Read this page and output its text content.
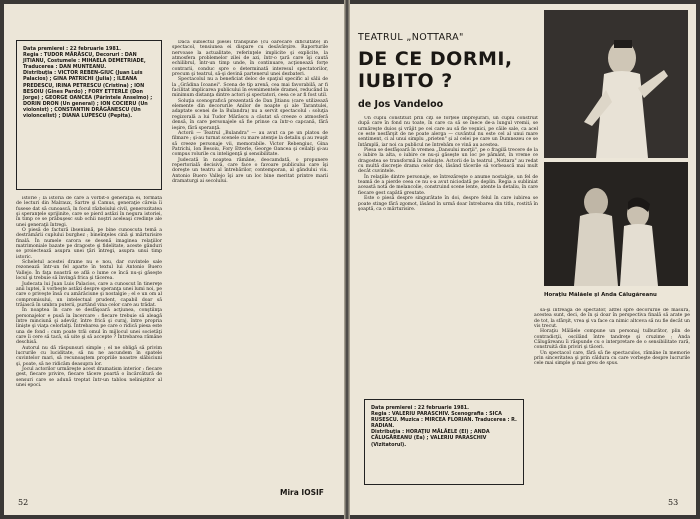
Data premierei : 22 februarie 1981.
Regia : TUDOR MĂRĂSCU, Decoruri : DAN JITIANU, Costumele : MIHAELA DEMETRIADE, Traducerea : DAN MUNTEANU.
Distribuţia : VICTOR REBEN-GIUC (Juan Luis Palacios) ; GINA PATRICHI (Julia) ; ILEANA PREDESCU, IRINA PETRESCU (Cristina) ; ION BESOIU (Gines Pardo) ; FORY ETTERLE (Don Jorge) ; GEORGE OANCEA (Părintele Anselmo) ; DORIN DRON (Un general) ; ION COCIERU (Un violonist) ; CONSTANTIN DRĂGĂNESCU (Un violoncelist) ; DIANA LUPESCU (Pepita).

istorie ; la istoria de care a vorbit-o generaţia ei, formată de lecturi din Malraux, Sartre şi Camus, generaţie căreia îi fusese dat să cunoască, în focul războiului civil, generozitatea şi speranţele sprijinite, care se pierd astăzi în negura istoriei, în timp ce se prăbuşesc sub ochii noştri aceleaşi credinţe ale unei generaţii întregi.

O piesă de factură ibseniană, pe bine cunoscuta temă a destrămării cuplului burghez ; bineînţeles cină şi mărturisire finală. În numele carora se desenă imaginea relaţiilor matrimoniale bazate pe dragoste şi fidelitate, aceste gânduri se proiectează asupra unei ţări întregi, asupra unui timp istoric.

Scheletul acestei drame nu e nou, dar cuvintele sale rezonează într-un fel aparte în textul lui Antonio Buero Vallejo. În faţa noastră se află o lume ce încă nu-şi găseşte locul şi trebuie să învingă frica şi tăcerea.

Judecata lui Juan Luis Palacios, care a cunoscut în tinereţe anii luptei, îi vorbeşte astăzi despre speranţa unei lumi noi, pe care o priveşte însă cu amărăciune şi nostalgie ; el e un om al compromisului, un intelectual prudent, capabil doar să trăiască în umbra puterii, purtând vina celor care au trădat.

În noaptea în care se desfăşoară acţiunea, conştiinţa personajelor e pusă la încercare : fiecare trebuie să aleagă între minciună şi adevăr, între frică şi curaj, între propria linişte şi viaţa celorlalţi. Întrebarea pe care o ridică piesa este una de fond : cum poate trăi omul în mijlocul unei societăţi care îi cere să tacă, să uite şi să accepte ? Întrebarea rămâne deschisă.

Autorul nu dă răspunsuri simple ; el ne obligă să privim lucrurile cu luciditate, să nu ne ascundem în spatele cuvintelor mari, să recunoaştem propriile noastre slăbiciuni şi, poate, să ne ridicăm deasupra lor.

Jocul actorilor urmăreşte acest dramatism interior : fiecare gest, fiecare privire, fiecare tăcere poartă o încărcătură de sensuri care se adună treptat într-un tablou neliniştitor al unei epoci.

Dacă subiectul piesei transpune (cu oarecare dificultate) în spectacol, tensiunea ei dispare cu desăvârşire. Raporturile nervoase la actualitate, referinţele implicite şi explicite, la atmosfera problemelor zilei de azi, într-o ţară care îşi caută echilibrul, într-un timp unde, în continuare, acţionează forţe contrarii, conduc spre o determinată interesul spectatorilor, precum şi teatrul, să-şi devină partenerul unei dezbateri.

Spectacolul nu a beneficiat deloc de spaţiul specific al sălii de la „Grădina Icoanei". Scena de tip arenă, cea mai favorabilă, ar fi facilitat implicarea publicului în evenimentele dramei, reducând la minimum distanţa dintre actori şi spectatori, ceea ce ar fi fost util.

Soluţia scenografică prezentată de Dan Jitianu (care utilizează elemente din decorurile Anilor de noapte şi ale Tarantulei, adaptate scenei de la Bulandra) nu a servit spectacolul : soluţia regizorală a lui Tudor Mărăscu a căutat să creeze o atmosferă densă, în care personajele să fie prinse ca într-o capcană, fără ieşire, fără speranţă.

Actorii — Teatrul „Bulandra" — au avut ca pe un platou de filmare ; şi-au turnat scenele cu mare atenţie la detaliu şi au reuşit să creeze personaje vii, memorabile. Victor Rebengiuc, Gina Patrichi, Ion Besoiu, Fory Etterle, George Oancea şi ceilalţi şi-au compus rolurile cu inteligenţă şi sensibilitate.

Judecată în noaptea rămâne, deocamdată, o propunere repertorială decisivă, care face o favoare publicului care îşi doreşte un teatru al întrebărilor, contemporan, al gândului viu. Antonio Buero Vallejo îşi are un loc bine meritat printre marii dramaturgi ai secolului.

Mira IOSIF
52
TEATRUL „NOTTARA"
DE CE DORMI,
IUBITO ?
de Jos Vandeloo

Un cuplu constituit prin ciţi se forţele împrejurări, un cuplu construit după care în fond nu toate, în care ca să se înece de-a lungul vremii, se urmăreşte duios şi vrăjit pe cei care au să fie veşnici, pe căile sale, ca acel ce este nesfârşit de ne poate alerga — cuvântul nu este cel al unui mare sentiment, ci al unui simplu „prieten" şi al celei pe care un Dumnezeu ce se întâmplă, iar noi ca publicul ne întrebăm ce vină au acestea.

Piesa se desfăşoară în vremea „Dansului morţii", pe o fragilă trecere de la o iubire la alta, o iubire ce nu-şi găseşte un loc pe pământ, în vreme ce dragostea se transformă în nelinişte. Actorii de la teatrul „Nottara" au redat cu multă discreţie drama celor doi, lăsând tăcerile să vorbească mai mult decât cuvintele.

În relaţiile dintre personaje, se întrezăreşte o anume nostalgie, un fel de teamă de a pierde ceea ce nu s-a avut niciodată pe deplin. Regia a subliniat această notă de melancolie, construind scene lente, atente la detaliu, în care fiecare gest capătă greutate.

Este o piesă despre singurătate în doi, despre felul în care iubirea se poate stinge fără zgomot, lăsând în urmă doar întrebarea din titlu, rostită în şoaptă, ca o mărturisire.

Horaţiu Mălăele şi Anda Călugăreanu
Data premierei : 22 februarie 1981.
Regia : VALERIU PARASCHIV. Scenografia : SICA RUSESCU. Muzica : MIRCEA FLORIAN. Traducerea : R. RADIAN.
Distribuţia : HORAŢIU MĂLĂELE (El) ; ANDA CĂLUGĂREANU (Ea) ; VALERIU PARASCHIV (Vizitatorul).

să-şi întreagă de spectator, altfel spre decorurile de măsură, acestea sunt, deci, de în şi doar în perspectiva finală să arate pe de tot, la sfârşit, vrea şi va face ca nimic altceva să nu fie decât un vis trecut.

Horaţiu Mălăele compune un personaj tulburător, plin de contradicţii, oscilând între tandreţe şi cruzime ; Anda Călugăreanu îi răspunde cu o interpretare de o sensibilitate rară, construită din priviri şi tăceri.

Un spectacol care, fără să fie spectaculos, rămâne în memorie prin sinceritatea şi prin căldura cu care vorbeşte despre lucrurile cele mai simple şi mai greu de spus.

53
